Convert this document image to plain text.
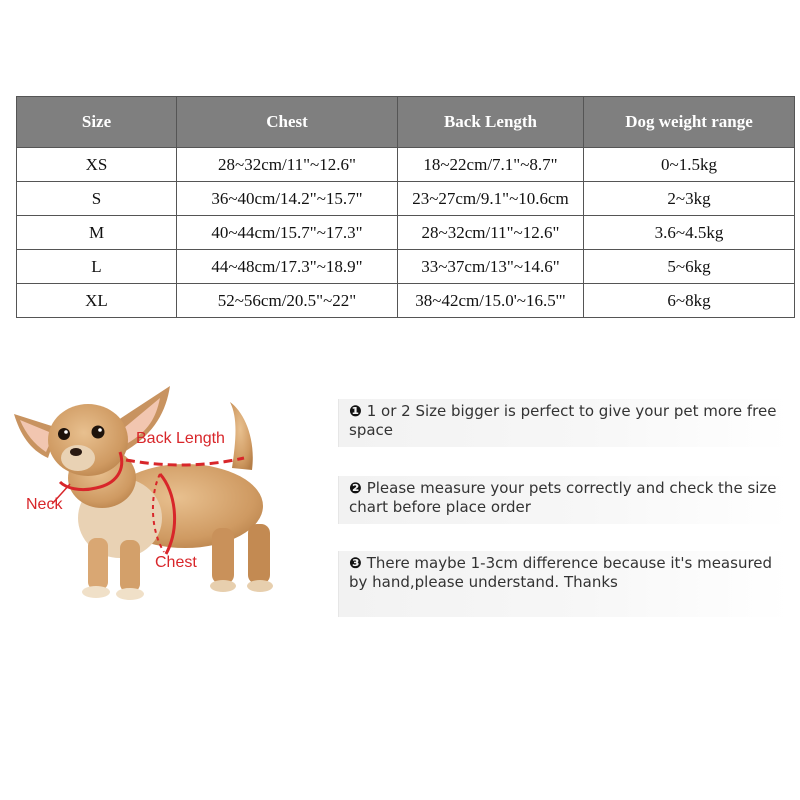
Size	Chest	Back Length	Dog weight range
XS	28~32cm/11"~12.6"	18~22cm/7.1"~8.7"	0~1.5kg
S	36~40cm/14.2"~15.7"	23~27cm/9.1"~10.6cm	2~3kg
M	40~44cm/15.7"~17.3"	28~32cm/11"~12.6"	3.6~4.5kg
L	44~48cm/17.3"~18.9"	33~37cm/13"~14.6"	5~6kg
XL	52~56cm/20.5"~22"	38~42cm/15.0'~16.5'"	6~8kg
Back Length
Neck
Chest
❶ 1 or 2 Size bigger is perfect to give your pet more free space
❷ Please measure your pets correctly and check the size chart before place order
❸ There maybe 1-3cm difference because it's measured by hand,please understand. Thanks
